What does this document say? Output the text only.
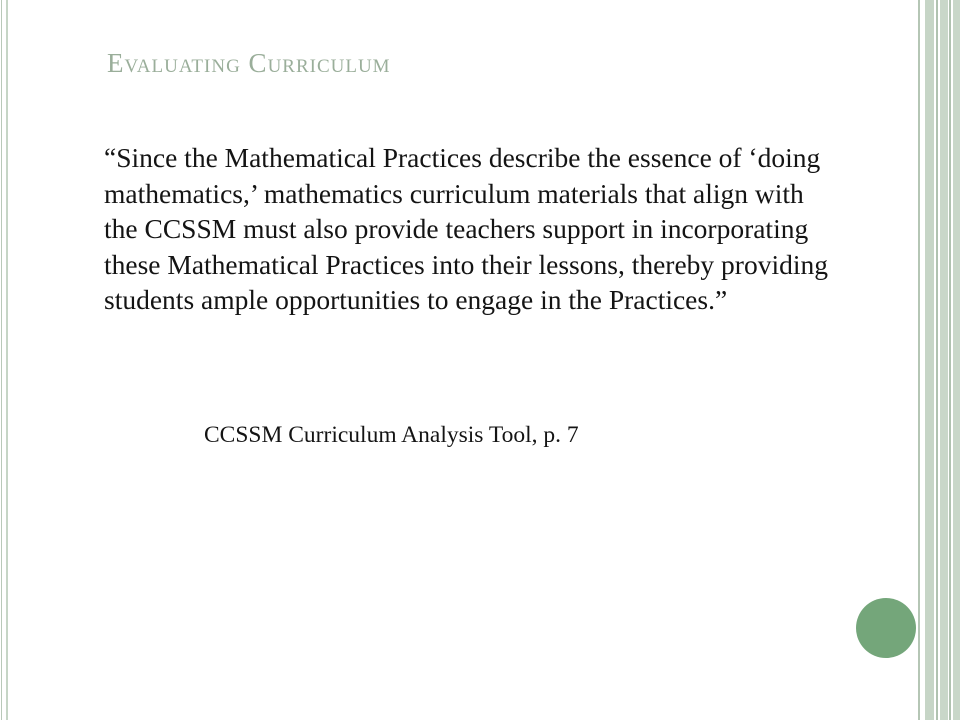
Evaluating Curriculum

“Since the Mathematical Practices describe the essence of ‘doing mathematics,’ mathematics curriculum materials that align with the CCSSM must also provide teachers support in incorporating these Mathematical Practices into their lessons, thereby providing students ample opportunities to engage in the Practices.”

CCSSM Curriculum Analysis Tool, p. 7
